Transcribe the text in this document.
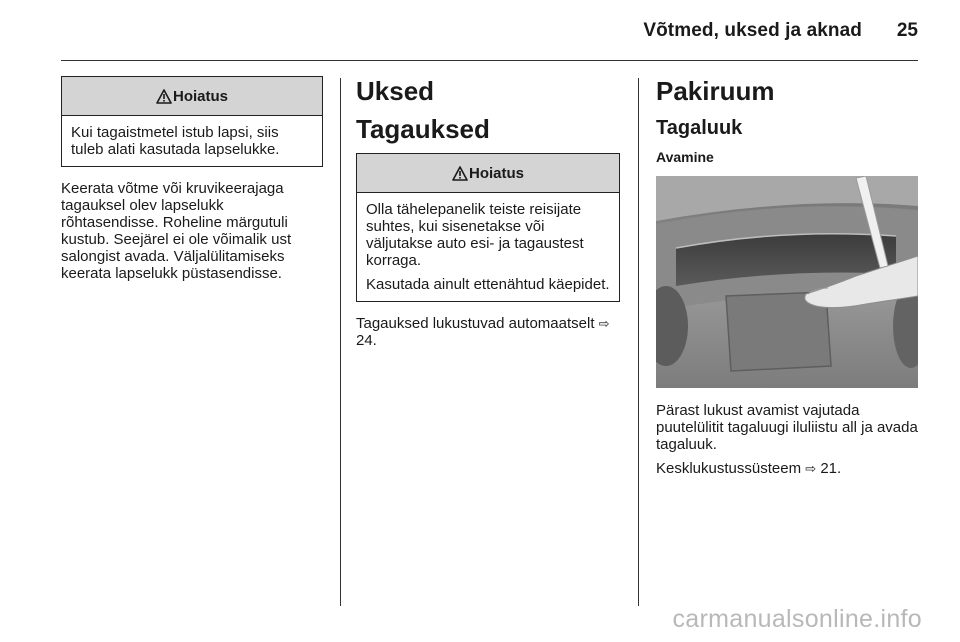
Võtmed, uksed ja aknad 25
Hoiatus

Kui tagaistmetel istub lapsi, siis tuleb alati kasutada lapselukke.

Keerata võtme või kruvikeerajaga tagauksel olev lapselukk rõhtasendisse. Roheline märgutuli kustub. Seejärel ei ole võimalik ust salongist avada. Väljalülitamiseks keerata lapselukk püstasendisse.

Uksed
Tagauksed
Hoiatus

Olla tähelepanelik teiste reisijate suhtes, kui sisenetakse või väljutakse auto esi- ja tagaustest korraga.

Kasutada ainult ettenähtud käepidet.

Tagauksed lukustuvad automaatselt ⇨ 24.

Pakiruum
Tagaluuk
Avamine

Pärast lukust avamist vajutada puutelülitit tagaluugi iluliistu all ja avada tagaluuk.

Kesklukustussüsteem ⇨ 21.

carmanualsonline.info
